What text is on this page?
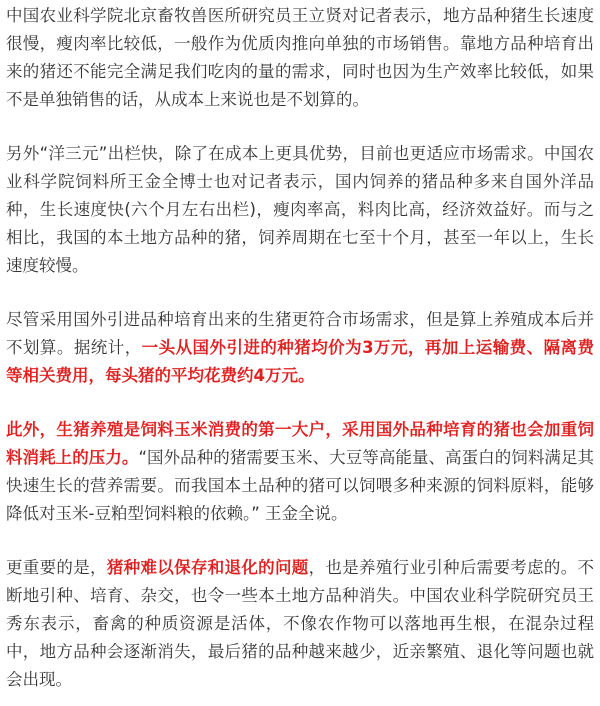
中国农业科学院北京畜牧兽医所研究员王立贤对记者表示，地方品种猪生长速度很慢，瘦肉率比较低，一般作为优质肉推向单独的市场销售。靠地方品种培育出来的猪还不能完全满足我们吃肉的量的需求，同时也因为生产效率比较低，如果不是单独销售的话，从成本上来说也是不划算的。

另外“洋三元”出栏快，除了在成本上更具优势，目前也更适应市场需求。中国农业科学院饲料所王金全博士也对记者表示，国内饲养的猪品种多来自国外洋品种，生长速度快(六个月左右出栏)，瘦肉率高，料肉比高，经济效益好。而与之相比，我国的本土地方品种的猪，饲养周期在七至十个月，甚至一年以上，生长速度较慢。

尽管采用国外引进品种培育出来的生猪更符合市场需求，但是算上养殖成本后并不划算。据统计，一头从国外引进的种猪均价为3万元，再加上运输费、隔离费等相关费用，每头猪的平均花费约4万元。

此外，生猪养殖是饲料玉米消费的第一大户，采用国外品种培育的猪也会加重饲料消耗上的压力。“国外品种的猪需要玉米、大豆等高能量、高蛋白的饲料满足其快速生长的营养需要。而我国本土品种的猪可以饲喂多种来源的饲料原料，能够降低对玉米-豆粕型饲料粮的依赖。” 王金全说。

更重要的是，猪种难以保存和退化的问题，也是养殖行业引种后需要考虑的。不断地引种、培育、杂交，也令一些本土地方品种消失。中国农业科学院研究员王秀东表示，畜禽的种质资源是活体，不像农作物可以落地再生根，在混杂过程中，地方品种会逐渐消失，最后猪的品种越来越少，近亲繁殖、退化等问题也就会出现。
